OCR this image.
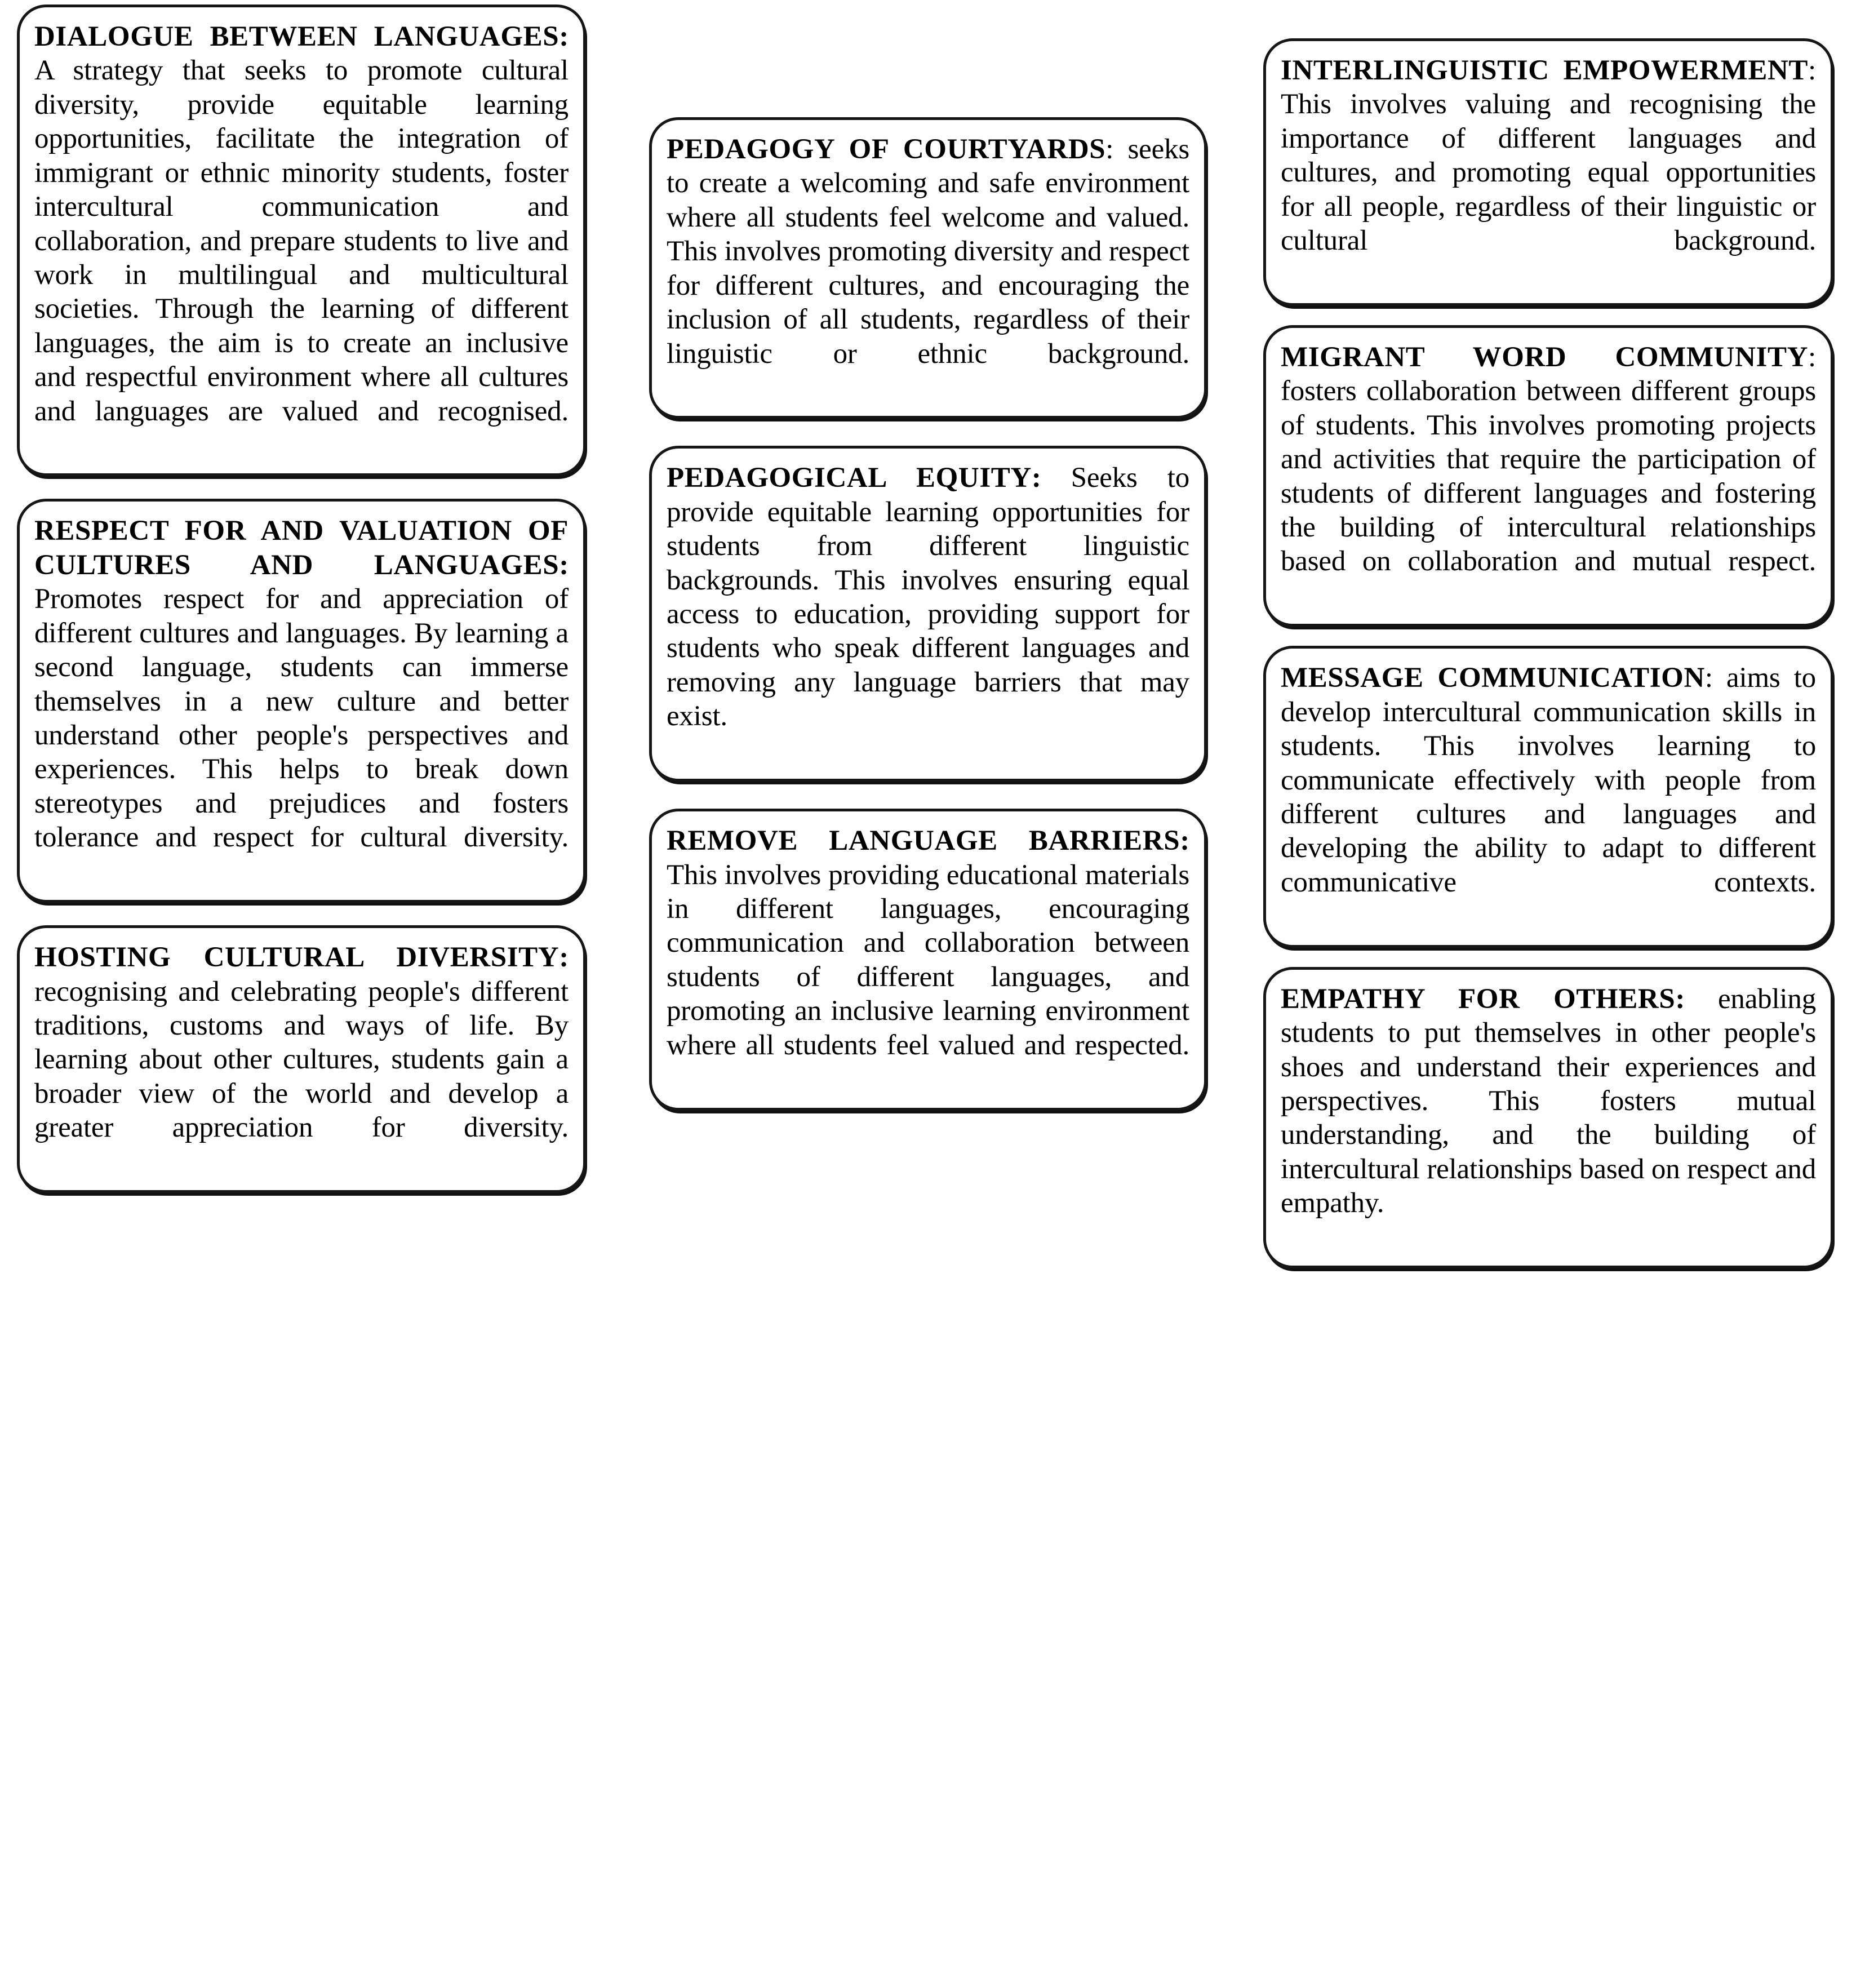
DIALOGUE BETWEEN LANGUAGES: A strategy that seeks to promote cultural diversity, provide equitable learning opportunities, facilitate the integration of immigrant or ethnic minority students, foster intercultural communication and collaboration, and prepare students to live and work in multilingual and multicultural societies. Through the learning of different languages, the aim is to create an inclusive and respectful environment where all cultures and languages are valued and recognised.

RESPECT FOR AND VALUATION OF CULTURES AND LANGUAGES: Promotes respect for and appreciation of different cultures and languages. By learning a second language, students can immerse themselves in a new culture and better understand other people's perspectives and experiences. This helps to break down stereotypes and prejudices and fosters tolerance and respect for cultural diversity.

HOSTING CULTURAL DIVERSITY: recognising and celebrating people's different traditions, customs and ways of life. By learning about other cultures, students gain a broader view of the world and develop a greater appreciation for diversity.

PEDAGOGY OF COURTYARDS: seeks to create a welcoming and safe environment where all students feel welcome and valued. This involves promoting diversity and respect for different cultures, and encouraging the inclusion of all students, regardless of their linguistic or ethnic background.

PEDAGOGICAL EQUITY: Seeks to provide equitable learning opportunities for students from different linguistic backgrounds. This involves ensuring equal access to education, providing support for students who speak different languages and removing any language barriers that may exist.

REMOVE LANGUAGE BARRIERS: This involves providing educational materials in different languages, encouraging communication and collaboration between students of different languages, and promoting an inclusive learning environment where all students feel valued and respected.

INTERLINGUISTIC EMPOWERMENT: This involves valuing and recognising the importance of different languages and cultures, and promoting equal opportunities for all people, regardless of their linguistic or cultural background.

MIGRANT WORD COMMUNITY: fosters collaboration between different groups of students. This involves promoting projects and activities that require the participation of students of different languages and fostering the building of intercultural relationships based on collaboration and mutual respect.

MESSAGE COMMUNICATION: aims to develop intercultural communication skills in students. This involves learning to communicate effectively with people from different cultures and languages and developing the ability to adapt to different communicative contexts.

EMPATHY FOR OTHERS: enabling students to put themselves in other people's shoes and understand their experiences and perspectives. This fosters mutual understanding, and the building of intercultural relationships based on respect and empathy.
